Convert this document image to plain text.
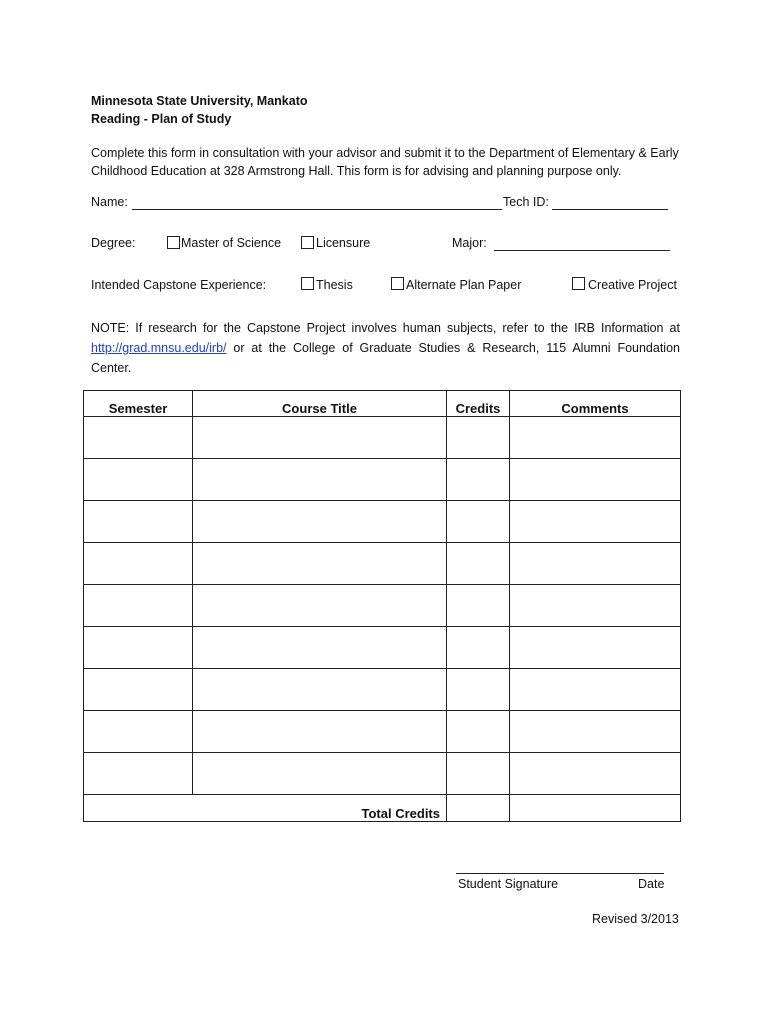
Minnesota State University, Mankato
Reading - Plan of Study
Complete this form in consultation with your advisor and submit it to the Department of Elementary & Early Childhood Education at 328 Armstrong Hall. This form is for advising and planning purpose only.
Name:	Tech ID:
Degree:	Master of Science	Licensure	Major:
Intended Capstone Experience:	Thesis	Alternate Plan Paper	Creative Project
NOTE: If research for the Capstone Project involves human subjects, refer to the IRB Information at http://grad.mnsu.edu/irb/ or at the College of Graduate Studies & Research, 115 Alumni Foundation Center.
Semester	Course Title	Credits	Comments

Total Credits			
Student Signature	Date
Revised 3/2013
